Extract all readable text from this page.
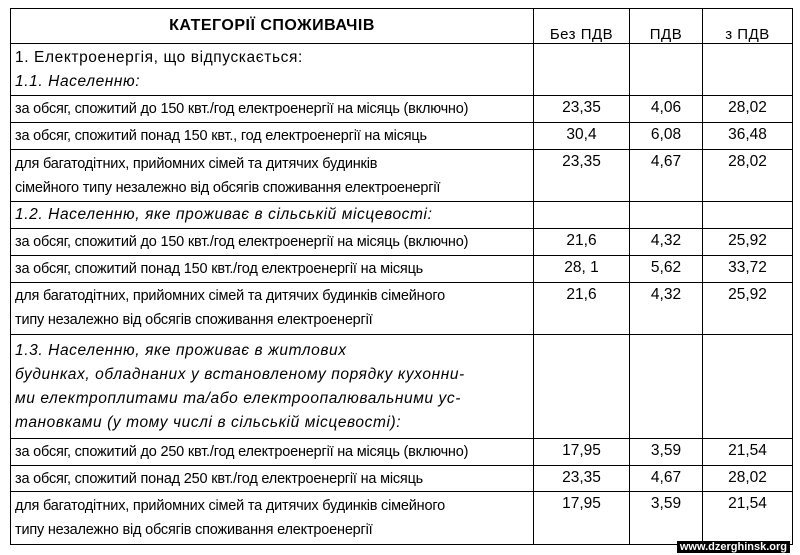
КАТЕГОРІЇ СПОЖИВАЧІВ	Без ПДВ	ПДВ	з ПДВ

1. Електроенергія, що відпускається:
1.1. Населенню:			

за обсяг, спожитий до 150 квт./год електроенергії на місяць (включно)	23,35	4,06	28,02

за обсяг, спожитий понад 150 квт., год електроенергії на місяць	30,4	6,08	36,48

для багатодітних, прийомних сімей та дитячих будинків
сімейного типу незалежно від обсягів споживання електроенергії	23,35	4,67	28,02
1.2. Населенню, яке проживає в сільській місцевості:			

за обсяг, спожитий до 150 квт./год електроенергії на місяць (включно)	21,6	4,32	25,92

за обсяг, спожитий понад 150 квт./год електроенергії на місяць	28, 1	5,62	33,72

для багатодітних, прийомних сімей та дитячих будинків сімейного
типу незалежно від обсягів споживання електроенергії	21,6	4,32	25,92

1.3. Населенню, яке проживає в житлових
будинках, обладнаних у встановленому порядку кухонни-
ми електроплитами та/або електроопалювальними ус-
тановками (у тому числі в сільській місцевості):			

за обсяг, спожитий до 250 квт./год електроенергії на місяць (включно)	17,95	3,59	21,54

за обсяг, спожитий понад 250 квт./год електроенергії на місяць	23,35	4,67	28,02

для багатодітних, прийомних сімей та дитячих будинків сімейного
типу незалежно від обсягів споживання електроенергії	17,95	3,59	21,54
www.dzerghinsk.org
